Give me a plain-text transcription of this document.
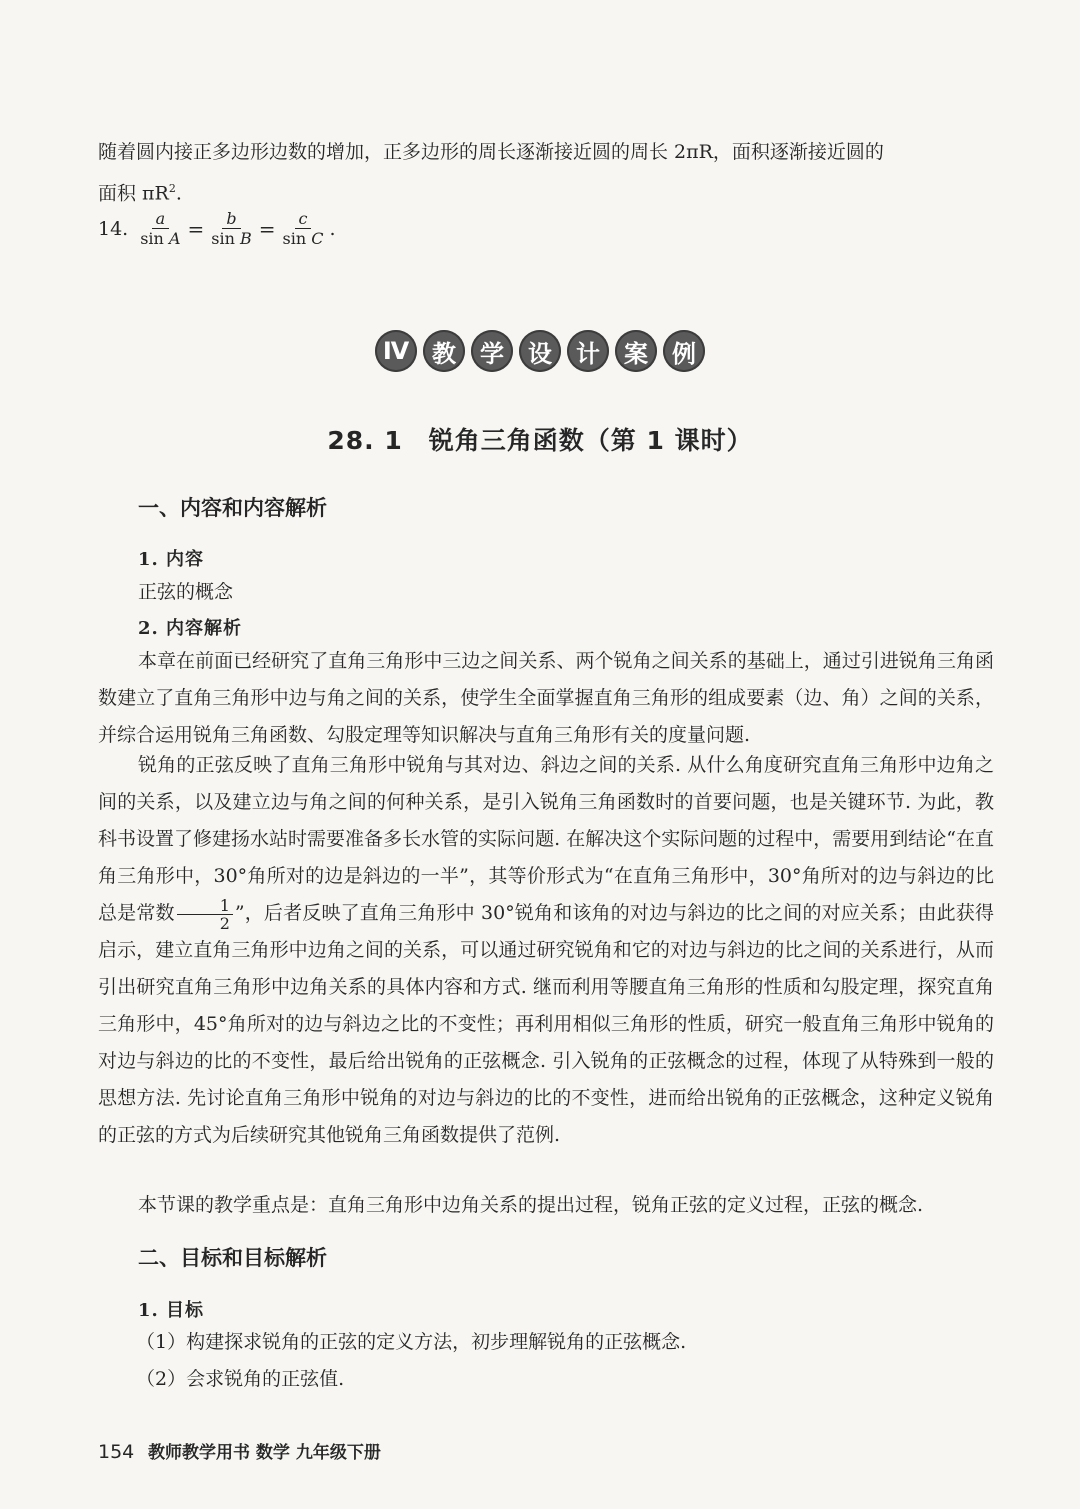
随着圆内接正多边形边数的增加，正多边形的周长逐渐接近圆的周长 2πR，面积逐渐接近圆的

面积 $\pi R^2$.

14. $\frac{a}{\text{sin A}} = \frac{b}{\text{sin B}} = \frac{c}{\text{sin C}}$ .
Ⅳ 教	学	设	计	案	例
28. 1　锐角三角函数（第 1 课时）
一、内容和内容解析
1. 内容
正弦的概念
2. 内容解析

本章在前面已经研究了直角三角形中三边之间关系、两个锐角之间关系的基础上，通过引进锐角三角函数建立了直角三角形中边与角之间的关系，使学生全面掌握直角三角形的组成要素（边、角）之间的关系，并综合运用锐角三角函数、勾股定理等知识解决与直角三角形有关的度量问题.

锐角的正弦反映了直角三角形中锐角与其对边、斜边之间的关系. 从什么角度研究直角三角形中边角之间的关系，以及建立边与角之间的何种关系，是引入锐角三角函数时的首要问题，也是关键环节. 为此，教科书设置了修建扬水站时需要准备多长水管的实际问题. 在解决这个实际问题的过程中，需要用到结论“在直角三角形中，30°角所对的边是斜边的一半”，其等价形式为“在直角三角形中，30°角所对的边与斜边的比总是常数 $\frac{1}{2}$ ”，后者反映了直角三角形中 30°锐角和该角的对边与斜边的比之间的对应关系；由此获得启示，建立直角三角形中边角之间的关系，可以通过研究锐角和它的对边与斜边的比之间的关系进行，从而引出研究直角三角形中边角关系的具体内容和方式. 继而利用等腰直角三角形的性质和勾股定理，探究直角三角形中，45°角所对的边与斜边之比的不变性；再利用相似三角形的性质，研究一般直角三角形中锐角的对边与斜边的比的不变性，最后给出锐角的正弦概念. 引入锐角的正弦概念的过程，体现了从特殊到一般的思想方法. 先讨论直角三角形中锐角的对边与斜边的比的不变性，进而给出锐角的正弦概念，这种定义锐角的正弦的方式为后续研究其他锐角三角函数提供了范例.

本节课的教学重点是：直角三角形中边角关系的提出过程，锐角正弦的定义过程，正弦的概念.

二、目标和目标解析
1. 目标
（1）构建探求锐角的正弦的定义方法，初步理解锐角的正弦概念.
（2）会求锐角的正弦值.
154 教师教学用书 数学 九年级下册
